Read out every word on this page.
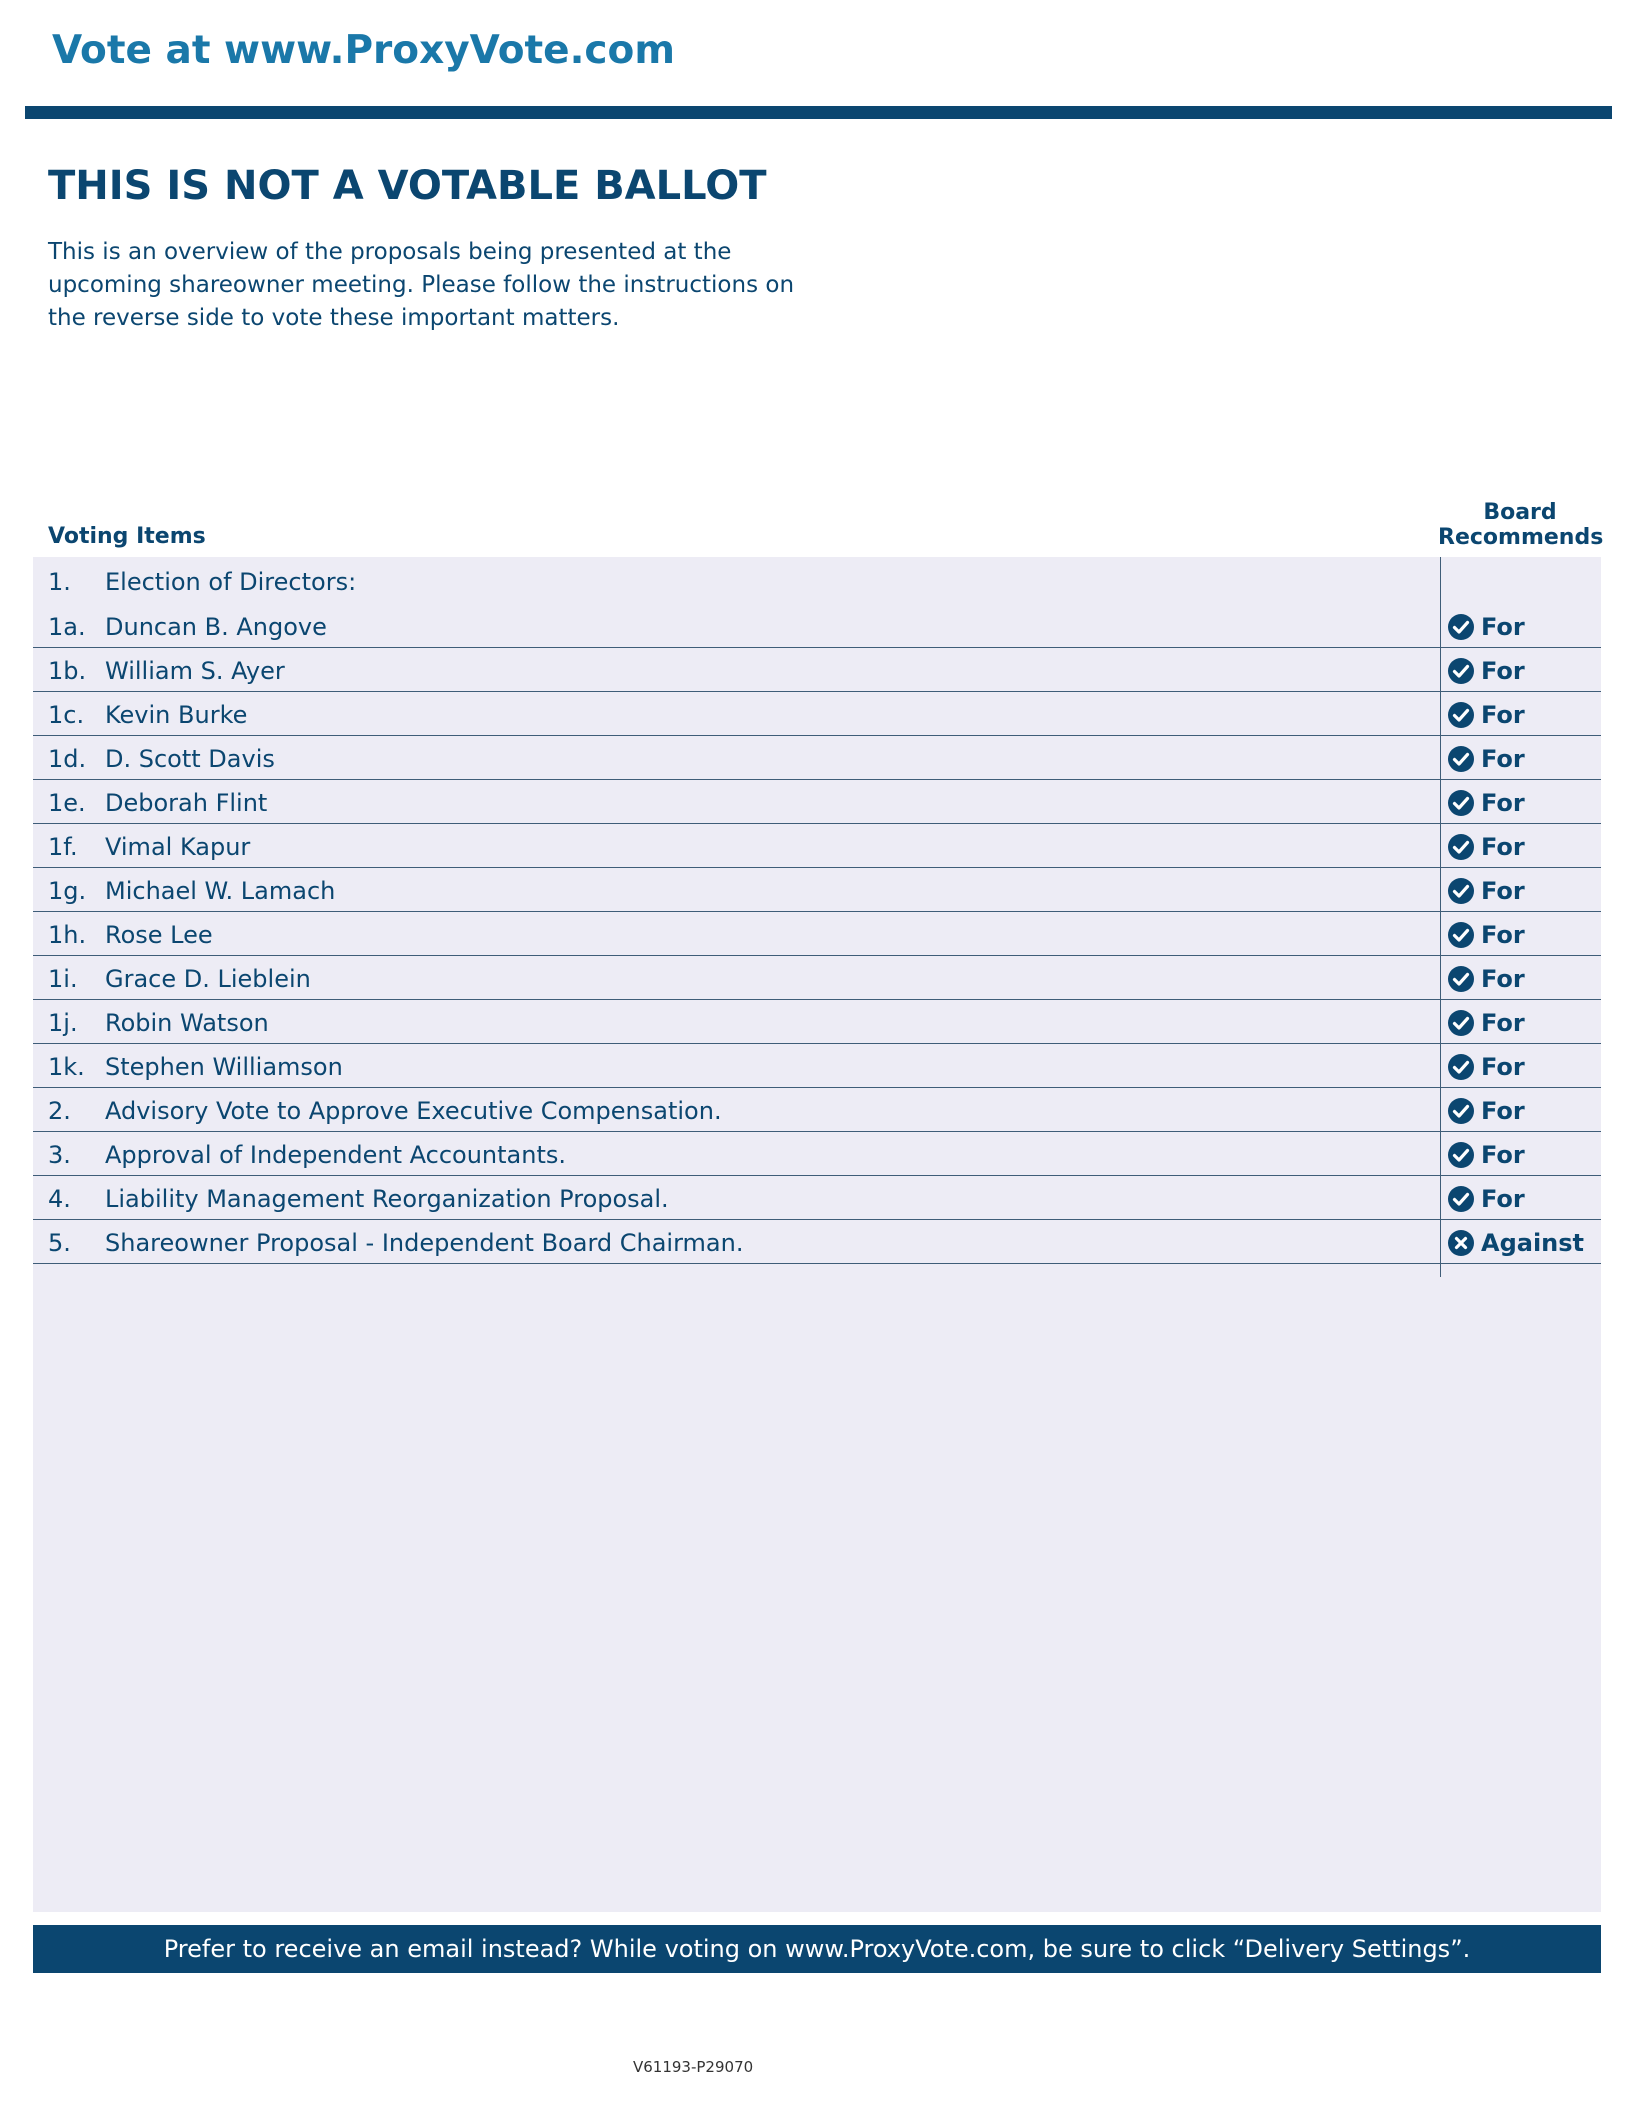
Vote at www.ProxyVote.com
THIS IS NOT A VOTABLE BALLOT
This is an overview of the proposals being presented at the upcoming shareowner meeting. Please follow the instructions on the reverse side to vote these important matters.
Voting Items
Board Recommends
1. Election of Directors:
1a. Duncan B. Angove	For
1b. William S. Ayer	For
1c. Kevin Burke	For
1d. D. Scott Davis	For
1e. Deborah Flint	For
1f. Vimal Kapur	For
1g. Michael W. Lamach	For
1h. Rose Lee	For
1i. Grace D. Lieblein	For
1j. Robin Watson	For
1k. Stephen Williamson	For
2. Advisory Vote to Approve Executive Compensation.	For
3. Approval of Independent Accountants.	For
4. Liability Management Reorganization Proposal.	For
5. Shareowner Proposal - Independent Board Chairman.	Against
Prefer to receive an email instead? While voting on www.ProxyVote.com, be sure to click “Delivery Settings”.
V61193-P29070
